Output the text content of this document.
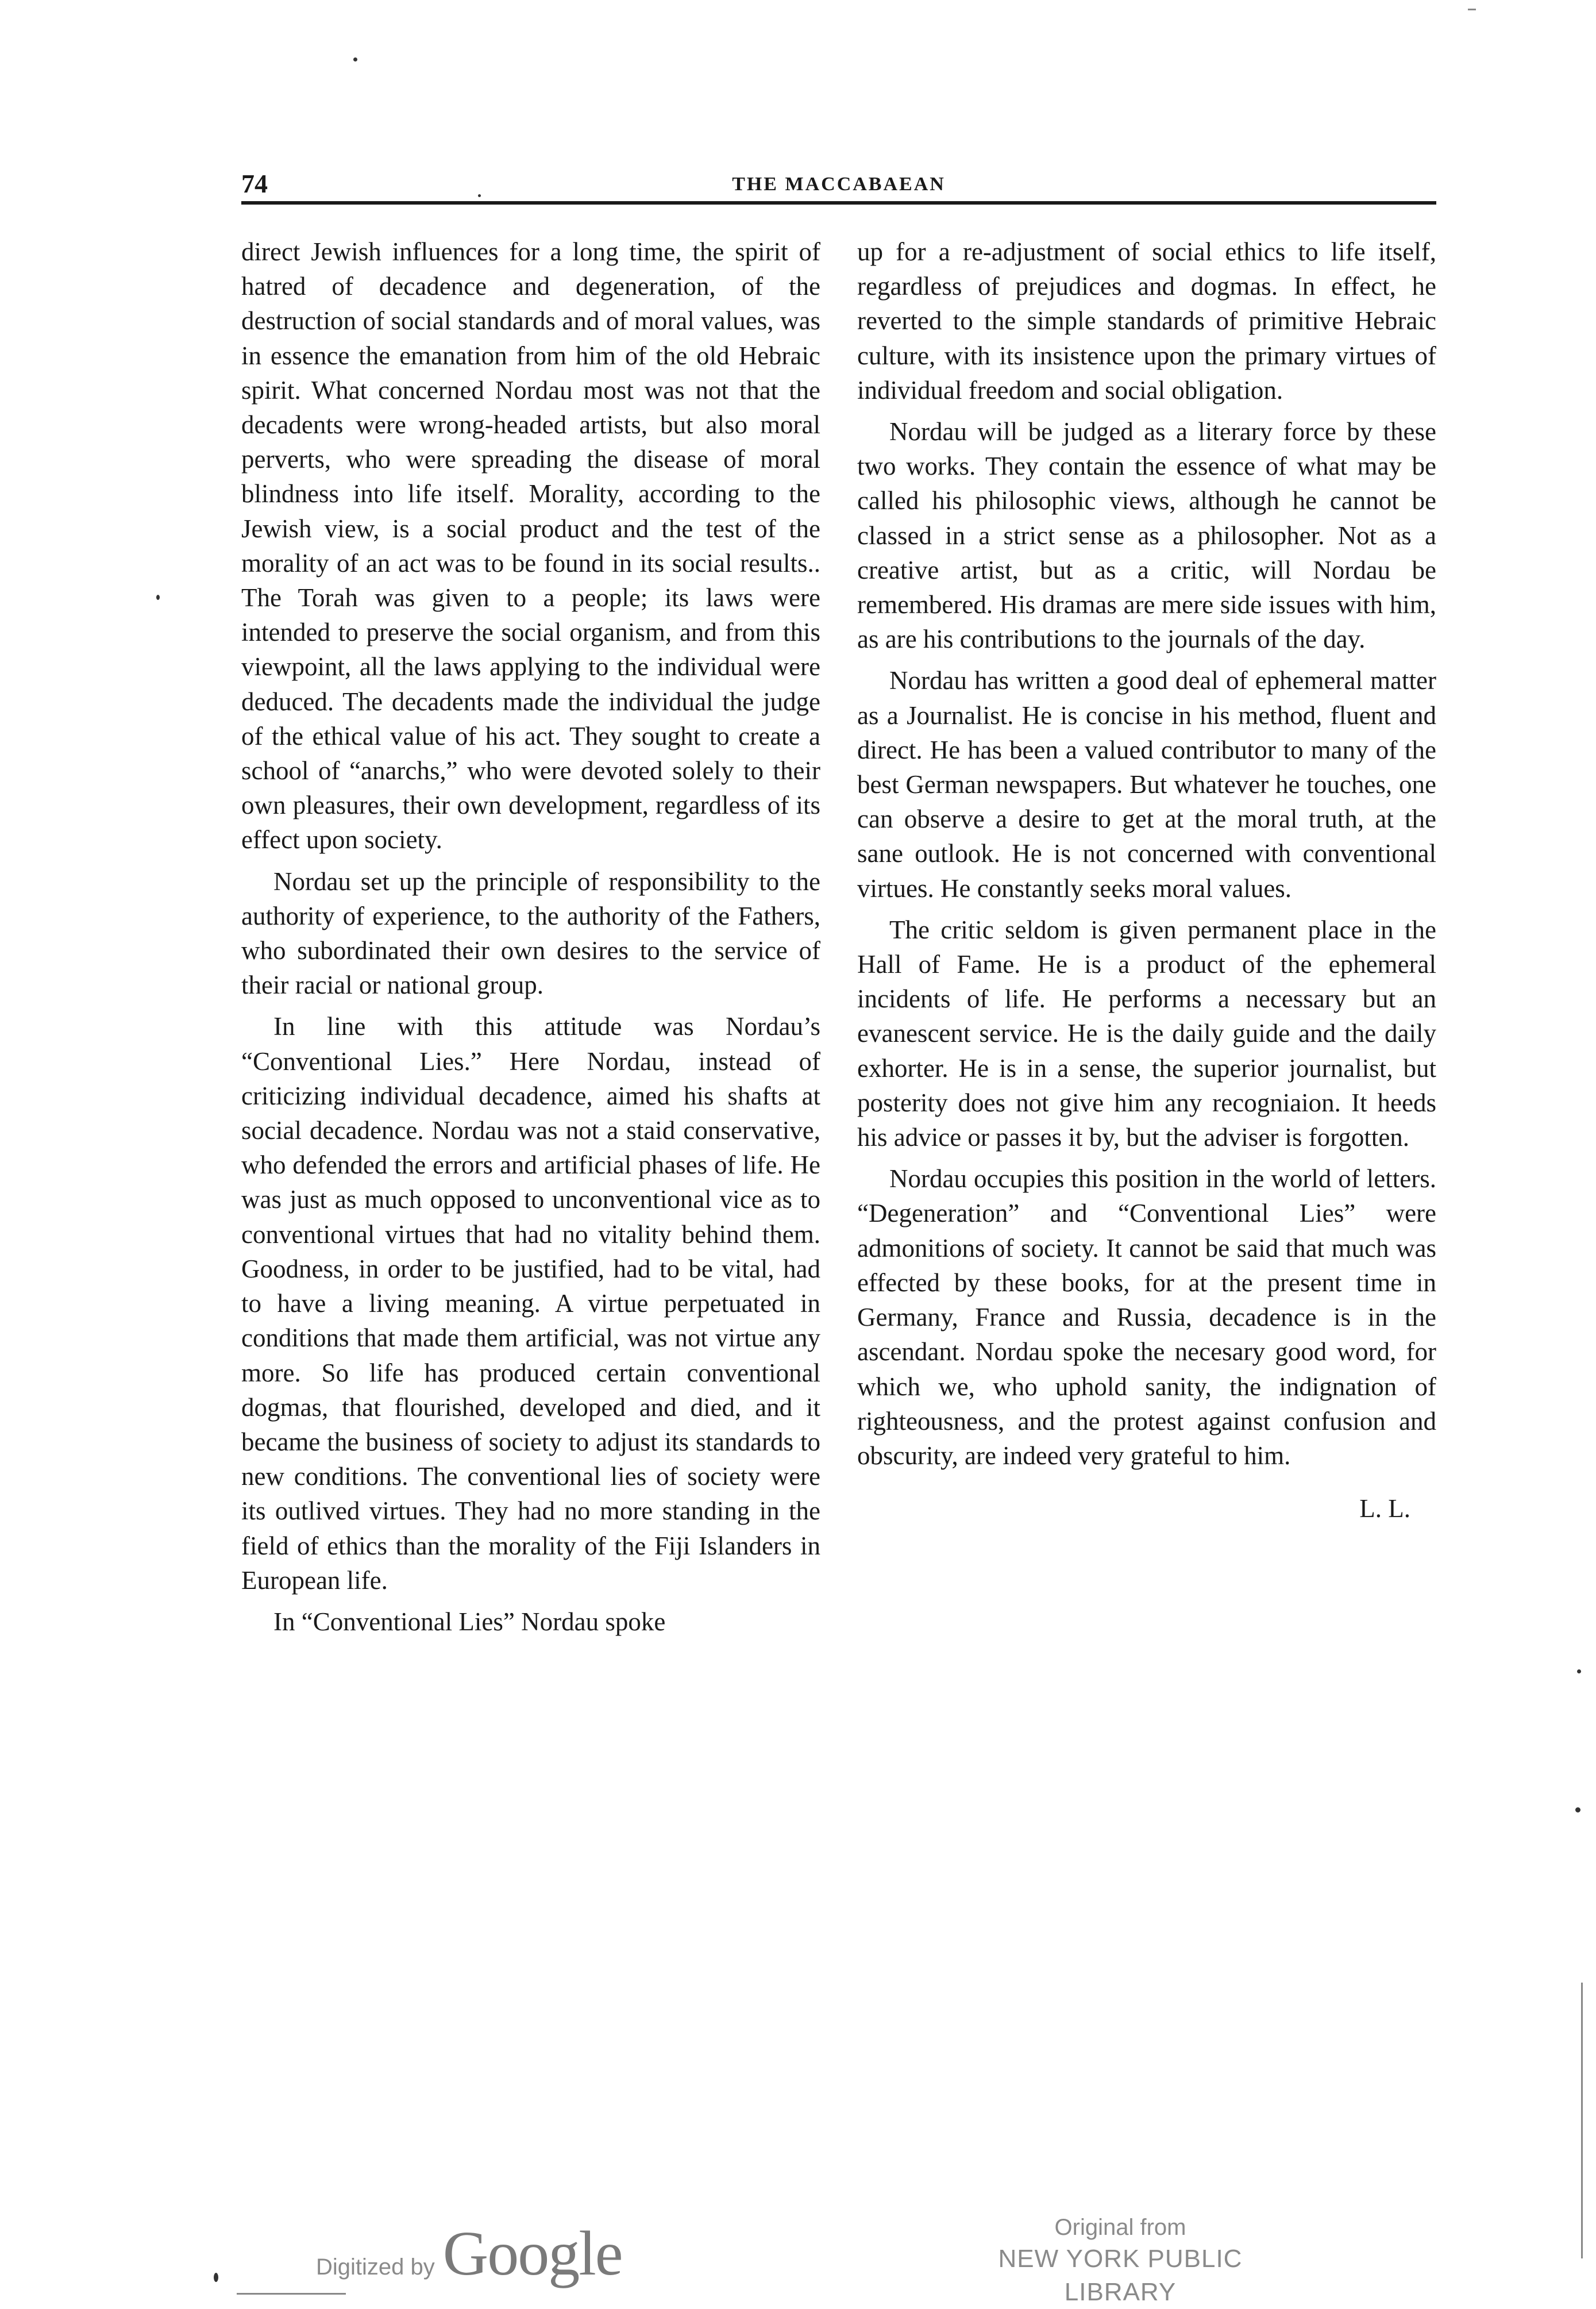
74	THE MACCABAEAN

direct Jewish influences for a long time, the spirit of hatred of decadence and degeneration, of the destruction of social standards and of moral values, was in essence the emanation from him of the old Hebraic spirit. What concerned Nordau most was not that the decadents were wrong-headed artists, but also moral perverts, who were spreading the disease of moral blindness into life itself. Morality, according to the Jewish view, is a social product and the test of the morality of an act was to be found in its social results.. The Torah was given to a people; its laws were intended to preserve the social organism, and from this viewpoint, all the laws applying to the individual were deduced. The decadents made the individual the judge of the ethical value of his act. They sought to create a school of “anarchs,” who were devoted solely to their own pleasures, their own development, regardless of its effect upon society.

Nordau set up the principle of responsibility to the authority of experience, to the authority of the Fathers, who subordinated their own desires to the service of their racial or national group.

In line with this attitude was Nordau’s “Conventional Lies.” Here Nordau, instead of criticizing individual decadence, aimed his shafts at social decadence. Nordau was not a staid conservative, who defended the errors and artificial phases of life. He was just as much opposed to unconventional vice as to conventional virtues that had no vitality behind them. Goodness, in order to be justified, had to be vital, had to have a living meaning. A virtue perpetuated in conditions that made them artificial, was not virtue any more. So life has produced certain conventional dogmas, that flourished, developed and died, and it became the business of society to adjust its standards to new conditions. The conventional lies of society were its outlived virtues. They had no more standing in the field of ethics than the morality of the Fiji Islanders in European life.

In “Conventional Lies” Nordau spoke

up for a re-adjustment of social ethics to life itself, regardless of prejudices and dogmas. In effect, he reverted to the simple standards of primitive Hebraic culture, with its insistence upon the primary virtues of individual freedom and social obligation.

Nordau will be judged as a literary force by these two works. They contain the essence of what may be called his philosophic views, although he cannot be classed in a strict sense as a philosopher. Not as a creative artist, but as a critic, will Nordau be remembered. His dramas are mere side issues with him, as are his contributions to the journals of the day.

Nordau has written a good deal of ephemeral matter as a Journalist. He is concise in his method, fluent and direct. He has been a valued contributor to many of the best German newspapers. But whatever he touches, one can observe a desire to get at the moral truth, at the sane outlook. He is not concerned with conventional virtues. He constantly seeks moral values.

The critic seldom is given permanent place in the Hall of Fame. He is a product of the ephemeral incidents of life. He performs a necessary but an evanescent service. He is the daily guide and the daily exhorter. He is in a sense, the superior journalist, but posterity does not give him any recogniaion. It heeds his advice or passes it by, but the adviser is forgotten.

Nordau occupies this position in the world of letters. “Degeneration” and “Conventional Lies” were admonitions of society. It cannot be said that much was effected by these books, for at the present time in Germany, France and Russia, decadence is in the ascendant. Nordau spoke the necesary good word, for which we, who uphold sanity, the indignation of righteousness, and the protest against confusion and obscurity, are indeed very grateful to him.

L. L.

Digitized by Google	Original from
NEW YORK PUBLIC LIBRARY
